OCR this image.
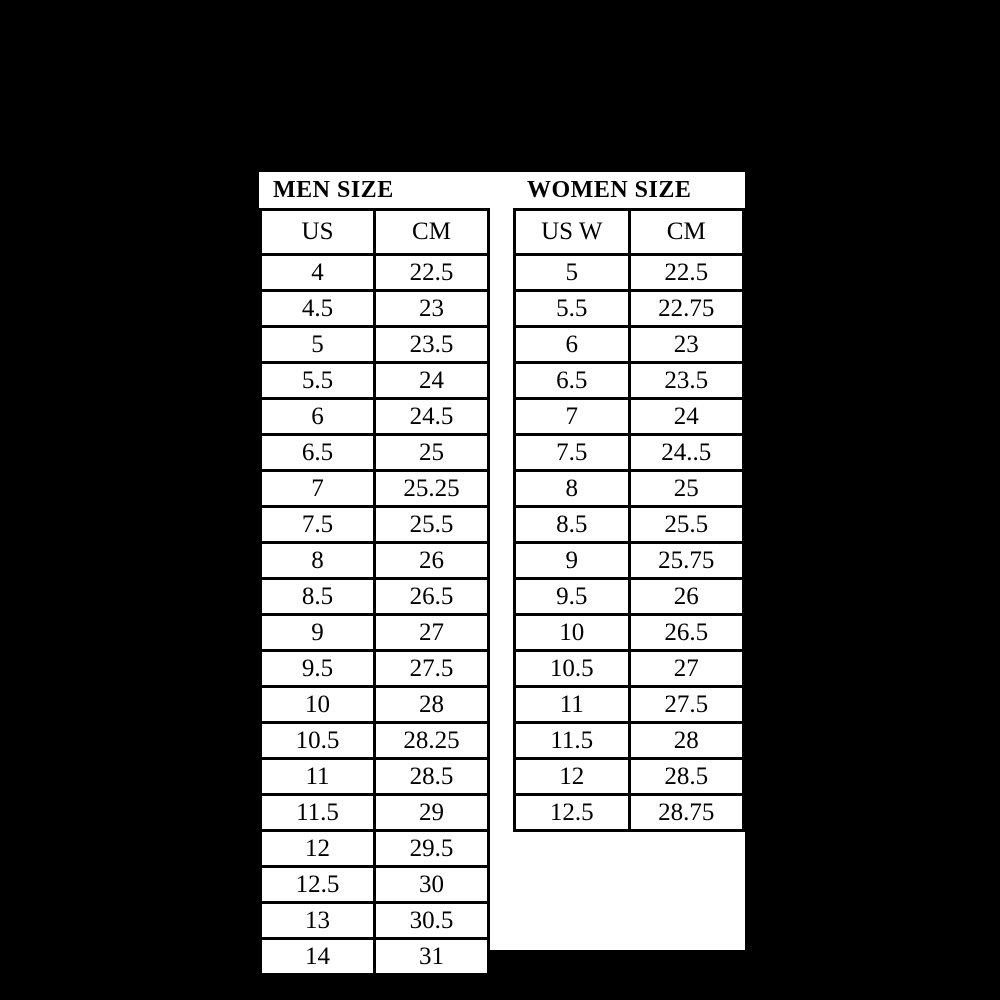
MEN SIZE
US	CM
4	22.5
4.5	23
5	23.5
5.5	24
6	24.5
6.5	25
7	25.25
7.5	25.5
8	26
8.5	26.5
9	27
9.5	27.5
10	28
10.5	28.25
11	28.5
11.5	29
12	29.5
12.5	30
13	30.5
14	31
WOMEN SIZE
US W	CM
5	22.5
5.5	22.75
6	23
6.5	23.5
7	24
7.5	24..5
8	25
8.5	25.5
9	25.75
9.5	26
10	26.5
10.5	27
11	27.5
11.5	28
12	28.5
12.5	28.75
